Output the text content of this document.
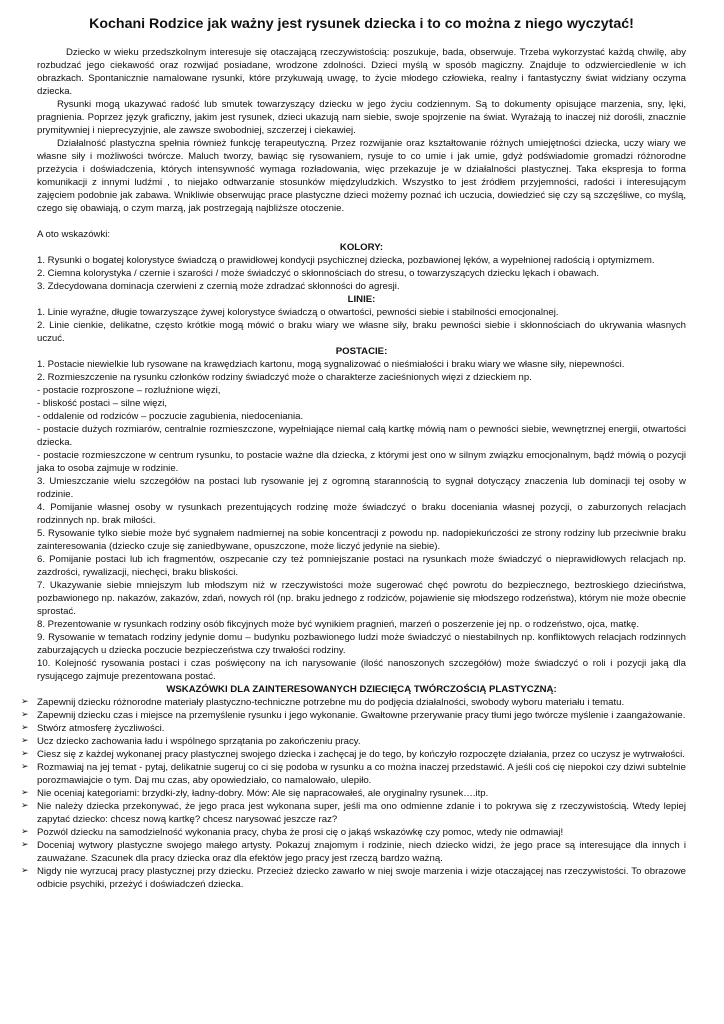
Kochani Rodzice jak ważny jest rysunek dziecka i to co można z niego wyczytać!

Dziecko w wieku przedszkolnym interesuje się otaczającą rzeczywistością: poszukuje, bada, obserwuje. Trzeba wykorzystać każdą chwilę, aby rozbudzać jego ciekawość oraz rozwijać posiadane, wrodzone zdolności. Dzieci myślą w sposób magiczny. Znajduje to odzwierciedlenie w ich obrazkach. Spontanicznie namalowane rysunki, które przykuwają uwagę, to życie młodego człowieka, realny i fantastyczny świat widziany oczyma dziecka.

Rysunki mogą ukazywać radość lub smutek towarzyszący dziecku w jego życiu codziennym. Są to dokumenty opisujące marzenia, sny, lęki, pragnienia. Poprzez język graficzny, jakim jest rysunek, dzieci ukazują nam siebie, swoje spojrzenie na świat. Wyrażają to inaczej niż dorośli, znacznie prymitywniej i nieprecyzyjnie, ale zawsze swobodniej, szczerzej i ciekawiej.

Działalność plastyczna spełnia również funkcję terapeutyczną. Przez rozwijanie oraz kształtowanie różnych umiejętności dziecka, uczy wiary we własne siły i możliwości twórcze. Maluch tworzy, bawiąc się rysowaniem, rysuje to co umie i jak umie, gdyż podświadomie gromadzi różnorodne przeżycia i doświadczenia, których intensywność wymaga rozładowania, więc przekazuje je w działalności plastycznej. Taka ekspresja to forma komunikacji z innymi ludźmi , to niejako odtwarzanie stosunków międzyludzkich. Wszystko to jest źródłem przyjemności, radości i interesującym zajęciem podobnie jak zabawa. Wnikliwie obserwując prace plastyczne dzieci możemy poznać ich uczucia, dowiedzieć się czy są szczęśliwe, co myślą, czego się obawiają, o czym marzą, jak postrzegają najbliższe otoczenie.

A oto wskazówki:

KOLORY:

1. Rysunki o bogatej kolorystyce świadczą o prawidłowej kondycji psychicznej dziecka, pozbawionej lęków, a wypełnionej radością i optymizmem.

2. Ciemna kolorystyka / czernie i szarości / może świadczyć o skłonnościach do stresu, o towarzyszących dziecku lękach i obawach.

3. Zdecydowana dominacja czerwieni z czernią może zdradzać skłonności do agresji.

LINIE:

1. Linie wyraźne, długie towarzyszące żywej kolorystyce świadczą o otwartości, pewności siebie i stabilności emocjonalnej.

2. Linie cienkie, delikatne, często krótkie mogą mówić o braku wiary we własne siły, braku pewności siebie i skłonnościach do ukrywania własnych uczuć.

POSTACIE:

1. Postacie niewielkie lub rysowane na krawędziach kartonu, mogą sygnalizować o nieśmiałości i braku wiary we własne siły, niepewności.

2. Rozmieszczenie na rysunku członków rodziny świadczyć może o charakterze zacieśnionych więzi z dzieckiem np.

- postacie rozproszone – rozluźnione więzi,

- bliskość postaci – silne więzi,

- oddalenie od rodziców – poczucie zagubienia, niedoceniania.

- postacie dużych rozmiarów, centralnie rozmieszczone, wypełniające niemal całą kartkę mówią nam o pewności siebie, wewnętrznej energii, otwartości dziecka.

- postacie rozmieszczone w centrum rysunku, to postacie ważne dla dziecka, z którymi jest ono w silnym związku emocjonalnym, bądź mówią o pozycji jaka to osoba zajmuje w rodzinie.

3. Umieszczanie wielu szczegółów na postaci lub rysowanie jej z ogromną starannością to sygnał dotyczący znaczenia lub dominacji tej osoby w rodzinie.

4. Pomijanie własnej osoby w rysunkach prezentujących rodzinę może świadczyć o braku doceniania własnej pozycji, o zaburzonych relacjach rodzinnych np. brak miłości.

5. Rysowanie tylko siebie może być sygnałem nadmiernej na sobie koncentracji z powodu np. nadopiekuńczości ze strony rodziny lub przeciwnie braku zainteresowania (dziecko czuje się zaniedbywane, opuszczone, może liczyć jedynie na siebie).

6. Pomijanie postaci lub ich fragmentów, oszpecanie czy też pomniejszanie postaci na rysunkach może świadczyć o nieprawidłowych relacjach np. zazdrości, rywalizacji, niechęci, braku bliskości.

7. Ukazywanie siebie mniejszym lub młodszym niż w rzeczywistości może sugerować chęć powrotu do bezpiecznego, beztroskiego dzieciństwa, pozbawionego np. nakazów, zakazów, zdań, nowych ról (np. braku jednego z rodziców, pojawienie się młodszego rodzeństwa), którym nie może obecnie sprostać.

8. Prezentowanie w rysunkach rodziny osób fikcyjnych może być wynikiem pragnień, marzeń o poszerzenie jej np. o rodzeństwo, ojca, matkę.

9. Rysowanie w tematach rodziny jedynie domu – budynku pozbawionego ludzi może świadczyć o niestabilnych np. konfliktowych relacjach rodzinnych zaburzających u dziecka poczucie bezpieczeństwa czy trwałości rodziny.

10. Kolejność rysowania postaci i czas poświęcony na ich narysowanie (ilość nanoszonych szczegółów) może świadczyć o roli i pozycji jaką dla rysującego zajmuje prezentowana postać.

WSKAZÓWKI DLA ZAINTERESOWANYCH DZIECIĘCĄ TWÓRCZOŚCIĄ PLASTYCZNĄ:

➢ Zapewnij dziecku różnorodne materiały plastyczno-techniczne potrzebne mu do podjęcia działalności, swobody wyboru materiału i tematu.
➢ Zapewnij dziecku czas i miejsce na przemyślenie rysunku i jego wykonanie. Gwałtowne przerywanie pracy tłumi jego twórcze myślenie i zaangażowanie.
➢ Stwórz atmosferę życzliwości.
➢ Ucz dziecko zachowania ładu i wspólnego sprzątania po zakończeniu pracy.
➢ Ciesz się z każdej wykonanej pracy plastycznej swojego dziecka i zachęcaj je do tego, by kończyło rozpoczęte działania, przez co uczysz je wytrwałości.
➢ Rozmawiaj na jej temat - pytaj, delikatnie sugeruj co ci się podoba w rysunku a co można inaczej przedstawić. A jeśli coś cię niepokoi czy dziwi subtelnie porozmawiajcie o tym. Daj mu czas, aby opowiedziało, co namalowało, ulepiło.
➢ Nie oceniaj kategoriami: brzydki-zły, ładny-dobry. Mów: Ale się napracowałeś, ale oryginalny rysunek….itp.
➢ Nie należy dziecka przekonywać, że jego praca jest wykonana super, jeśli ma ono odmienne zdanie i to pokrywa się z rzeczywistością. Wtedy lepiej zapytać dziecko: chcesz nową kartkę? chcesz narysować jeszcze raz?
➢ Pozwól dziecku na samodzielność wykonania pracy, chyba że prosi cię o jakąś wskazówkę czy pomoc, wtedy nie odmawiaj!
➢ Doceniaj wytwory plastyczne swojego małego artysty. Pokazuj znajomym i rodzinie, niech dziecko widzi, że jego prace są interesujące dla innych i zauważane. Szacunek dla pracy dziecka oraz dla efektów jego pracy jest rzeczą bardzo ważną.
➢ Nigdy nie wyrzucaj pracy plastycznej przy dziecku. Przecież dziecko zawarło w niej swoje marzenia i wizje otaczającej nas rzeczywistości. To obrazowe odbicie psychiki, przeżyć i doświadczeń dziecka.
